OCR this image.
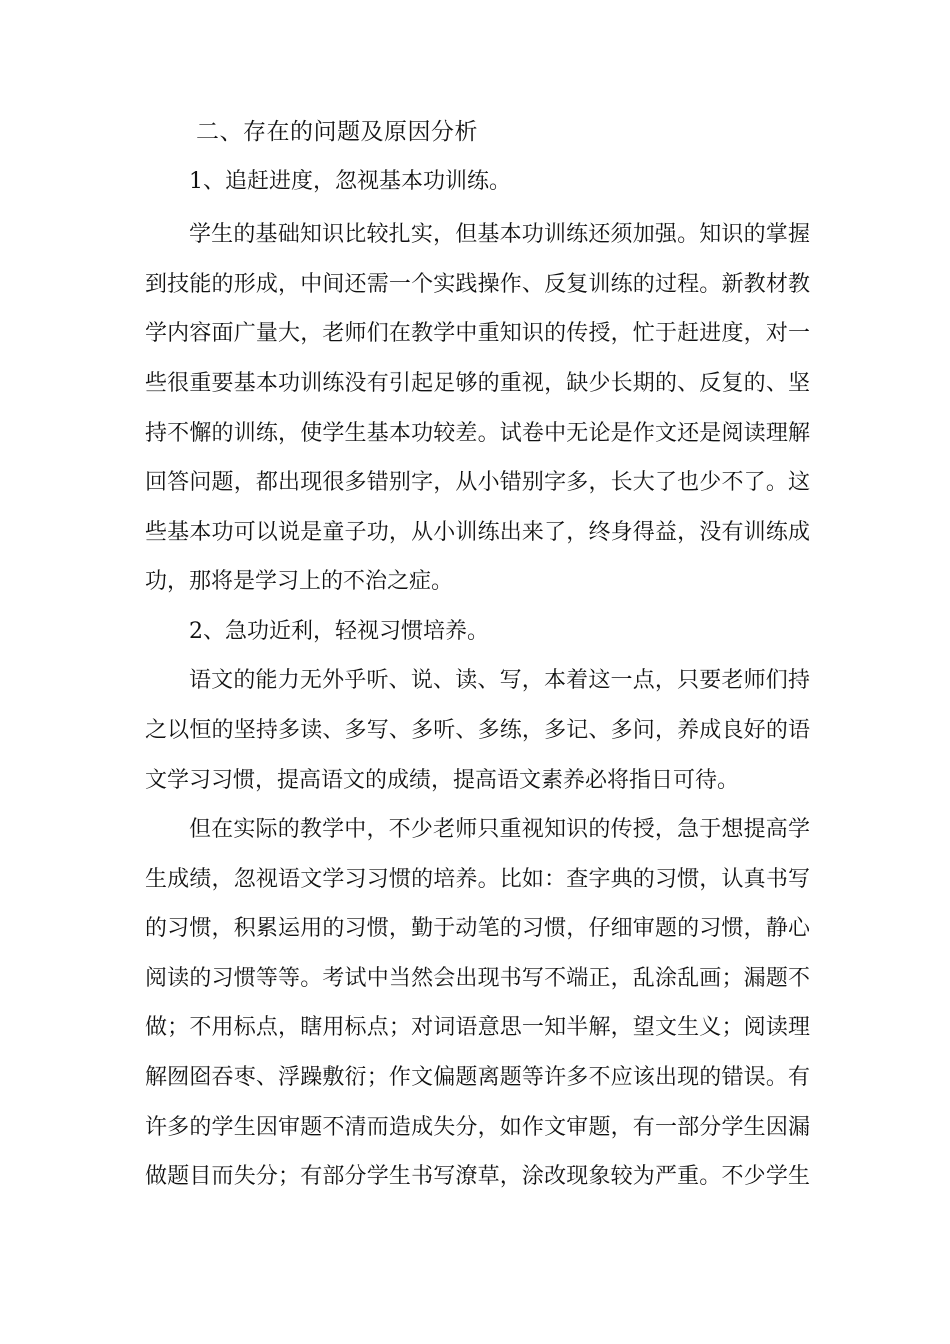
二、存在的问题及原因分析
1、追赶进度，忽视基本功训练。
学生的基础知识比较扎实，但基本功训练还须加强。知识的掌握
到技能的形成，中间还需一个实践操作、反复训练的过程。新教材教
学内容面广量大，老师们在教学中重知识的传授，忙于赶进度，对一
些很重要基本功训练没有引起足够的重视，缺少长期的、反复的、坚
持不懈的训练，使学生基本功较差。试卷中无论是作文还是阅读理解
回答问题，都出现很多错别字，从小错别字多，长大了也少不了。这
些基本功可以说是童子功，从小训练出来了，终身得益，没有训练成
功，那将是学习上的不治之症。
2、急功近利，轻视习惯培养。
语文的能力无外乎听、说、读、写，本着这一点，只要老师们持
之以恒的坚持多读、多写、多听、多练，多记、多问，养成良好的语
文学习习惯，提高语文的成绩，提高语文素养必将指日可待。
但在实际的教学中，不少老师只重视知识的传授，急于想提高学
生成绩，忽视语文学习习惯的培养。比如：查字典的习惯，认真书写
的习惯，积累运用的习惯，勤于动笔的习惯，仔细审题的习惯，静心
阅读的习惯等等。考试中当然会出现书写不端正，乱涂乱画；漏题不
做；不用标点，瞎用标点；对词语意思一知半解，望文生义；阅读理
解囫囵吞枣、浮躁敷衍；作文偏题离题等许多不应该出现的错误。有
许多的学生因审题不清而造成失分，如作文审题，有一部分学生因漏
做题目而失分；有部分学生书写潦草，涂改现象较为严重。不少学生
